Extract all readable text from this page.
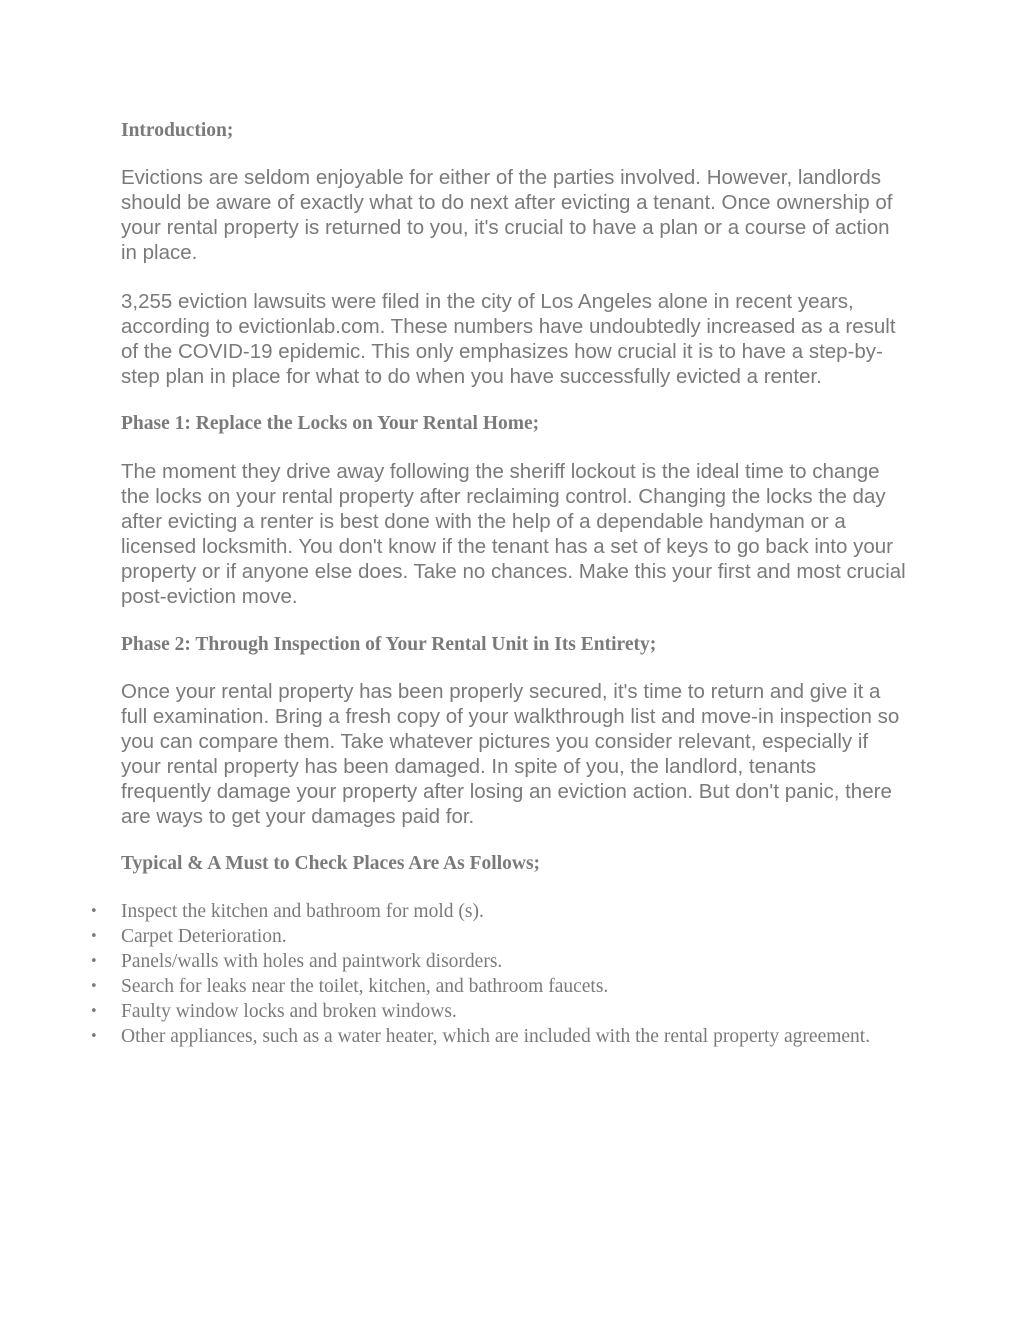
Introduction;

Evictions are seldom enjoyable for either of the parties involved. However, landlords should be aware of exactly what to do next after evicting a tenant. Once ownership of your rental property is returned to you, it's crucial to have a plan or a course of action in place.

3,255 eviction lawsuits were filed in the city of Los Angeles alone in recent years, according to evictionlab.com. These numbers have undoubtedly increased as a result of the COVID-19 epidemic. This only emphasizes how crucial it is to have a step-by-step plan in place for what to do when you have successfully evicted a renter.

Phase 1: Replace the Locks on Your Rental Home;

The moment they drive away following the sheriff lockout is the ideal time to change the locks on your rental property after reclaiming control. Changing the locks the day after evicting a renter is best done with the help of a dependable handyman or a licensed locksmith. You don't know if the tenant has a set of keys to go back into your property or if anyone else does. Take no chances. Make this your first and most crucial post-eviction move.

Phase 2: Through Inspection of Your Rental Unit in Its Entirety;

Once your rental property has been properly secured, it's time to return and give it a full examination. Bring a fresh copy of your walkthrough list and move-in inspection so you can compare them. Take whatever pictures you consider relevant, especially if your rental property has been damaged. In spite of you, the landlord, tenants frequently damage your property after losing an eviction action. But don't panic, there are ways to get your damages paid for.

Typical & A Must to Check Places Are As Follows;
• Inspect the kitchen and bathroom for mold (s).
• Carpet Deterioration.
• Panels/walls with holes and paintwork disorders.
• Search for leaks near the toilet, kitchen, and bathroom faucets.
• Faulty window locks and broken windows.
• Other appliances, such as a water heater, which are included with the rental property agreement.
